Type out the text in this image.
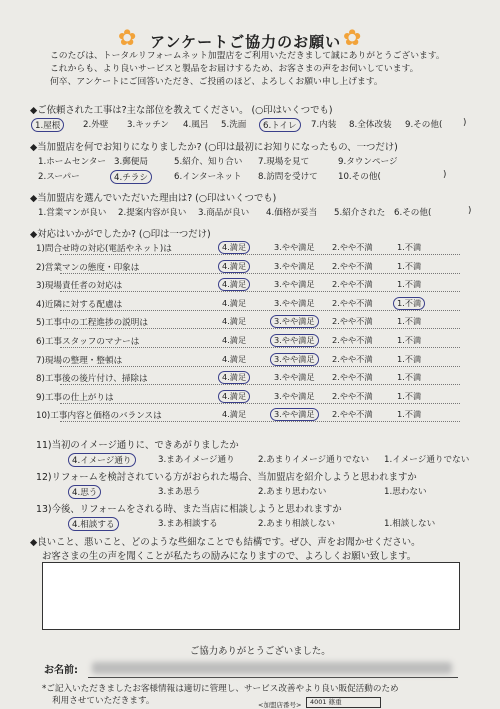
✿	✿
アンケートご協力のお願い
このたびは、トータルリフォームネット加盟店をご利用いただきまして誠にありがとうございます。
これからも、より良いサービスと製品をお届けするため、お客さまの声をお伺いしています。
何卒、アンケートにご回答いただき、ご投函のほど、よろしくお願い申し上げます。
◆ご依頼された工事は?主な部位を教えてください。 (○印はいくつでも)
1.屋根	2.外壁 3.キッチン 4.風呂 5.洗面	6.トイレ	7.内装 8.全体改装 9.その他( )
◆当加盟店を何でお知りになりましたか? (○印は最初にお知りになったもの、一つだけ)
1.ホームセンター 3.郵便局	5.紹介、知り合い 7.現場を見て	9.タウンページ
2.スーパー	4.チラシ	6.インターネット 8.訪問を受けて 10.その他(	)
◆当加盟店を選んでいただいた理由は? (○印はいくつでも)
1.営業マンが良い 2.提案内容が良い 3.商品が良い 4.価格が妥当 5.紹介された 6.その他(	)
◆対応はいかがでしたか? (○印は一つだけ)
1)問合せ時の対応(電話やネット)は	4.満足	3.やや満足 2.やや不満	1.不満
2)営業マンの態度・印象は	4.満足	3.やや満足 2.やや不満	1.不満
3)現場責任者の対応は	4.満足	3.やや満足 2.やや不満	1.不満
4)近隣に対する配慮は	4.満足	3.やや満足 2.やや不満	1.不満
5)工事中の工程進捗の説明は	4.満足	3.やや満足	2.やや不満	1.不満
6)工事スタッフのマナーは	4.満足	3.やや満足	2.やや不満	1.不満
7)現場の整理・整頓は	4.満足	3.やや満足	2.やや不満	1.不満
8)工事後の後片付け、掃除は	4.満足	3.やや満足 2.やや不満	1.不満
9)工事の仕上がりは	4.満足	3.やや満足 2.やや不満	1.不満
10)工事内容と価格のバランスは	4.満足	3.やや満足	2.やや不満	1.不満
11)当初のイメージ通りに、できあがりましたか
4.イメージ通り	3.まあイメージ通り	2.あまりイメージ通りでない 1.イメージ通りでない
12)リフォームを検討されている方がおられた場合、当加盟店を紹介しようと思われますか
4.思う	3.まあ思う	2.あまり思わない	1.思わない
13)今後、リフォームをされる時、また当店に相談しようと思われますか
4.相談する	3.まあ相談する	2.あまり相談しない	1.相談しない
◆良いこと、悪いこと、どのような些細なことでも結構です。ぜひ、声をお聞かせください。
お客さまの生の声を聞くことが私たちの励みになりますので、よろしくお願い致します。
ご協力ありがとうございました。
お名前:
*ご記入いただきましたお客様情報は適切に管理し、サービス改善やより良い販促活動のため
利用させていただきます。	<加盟店番号>	4001 篠重
